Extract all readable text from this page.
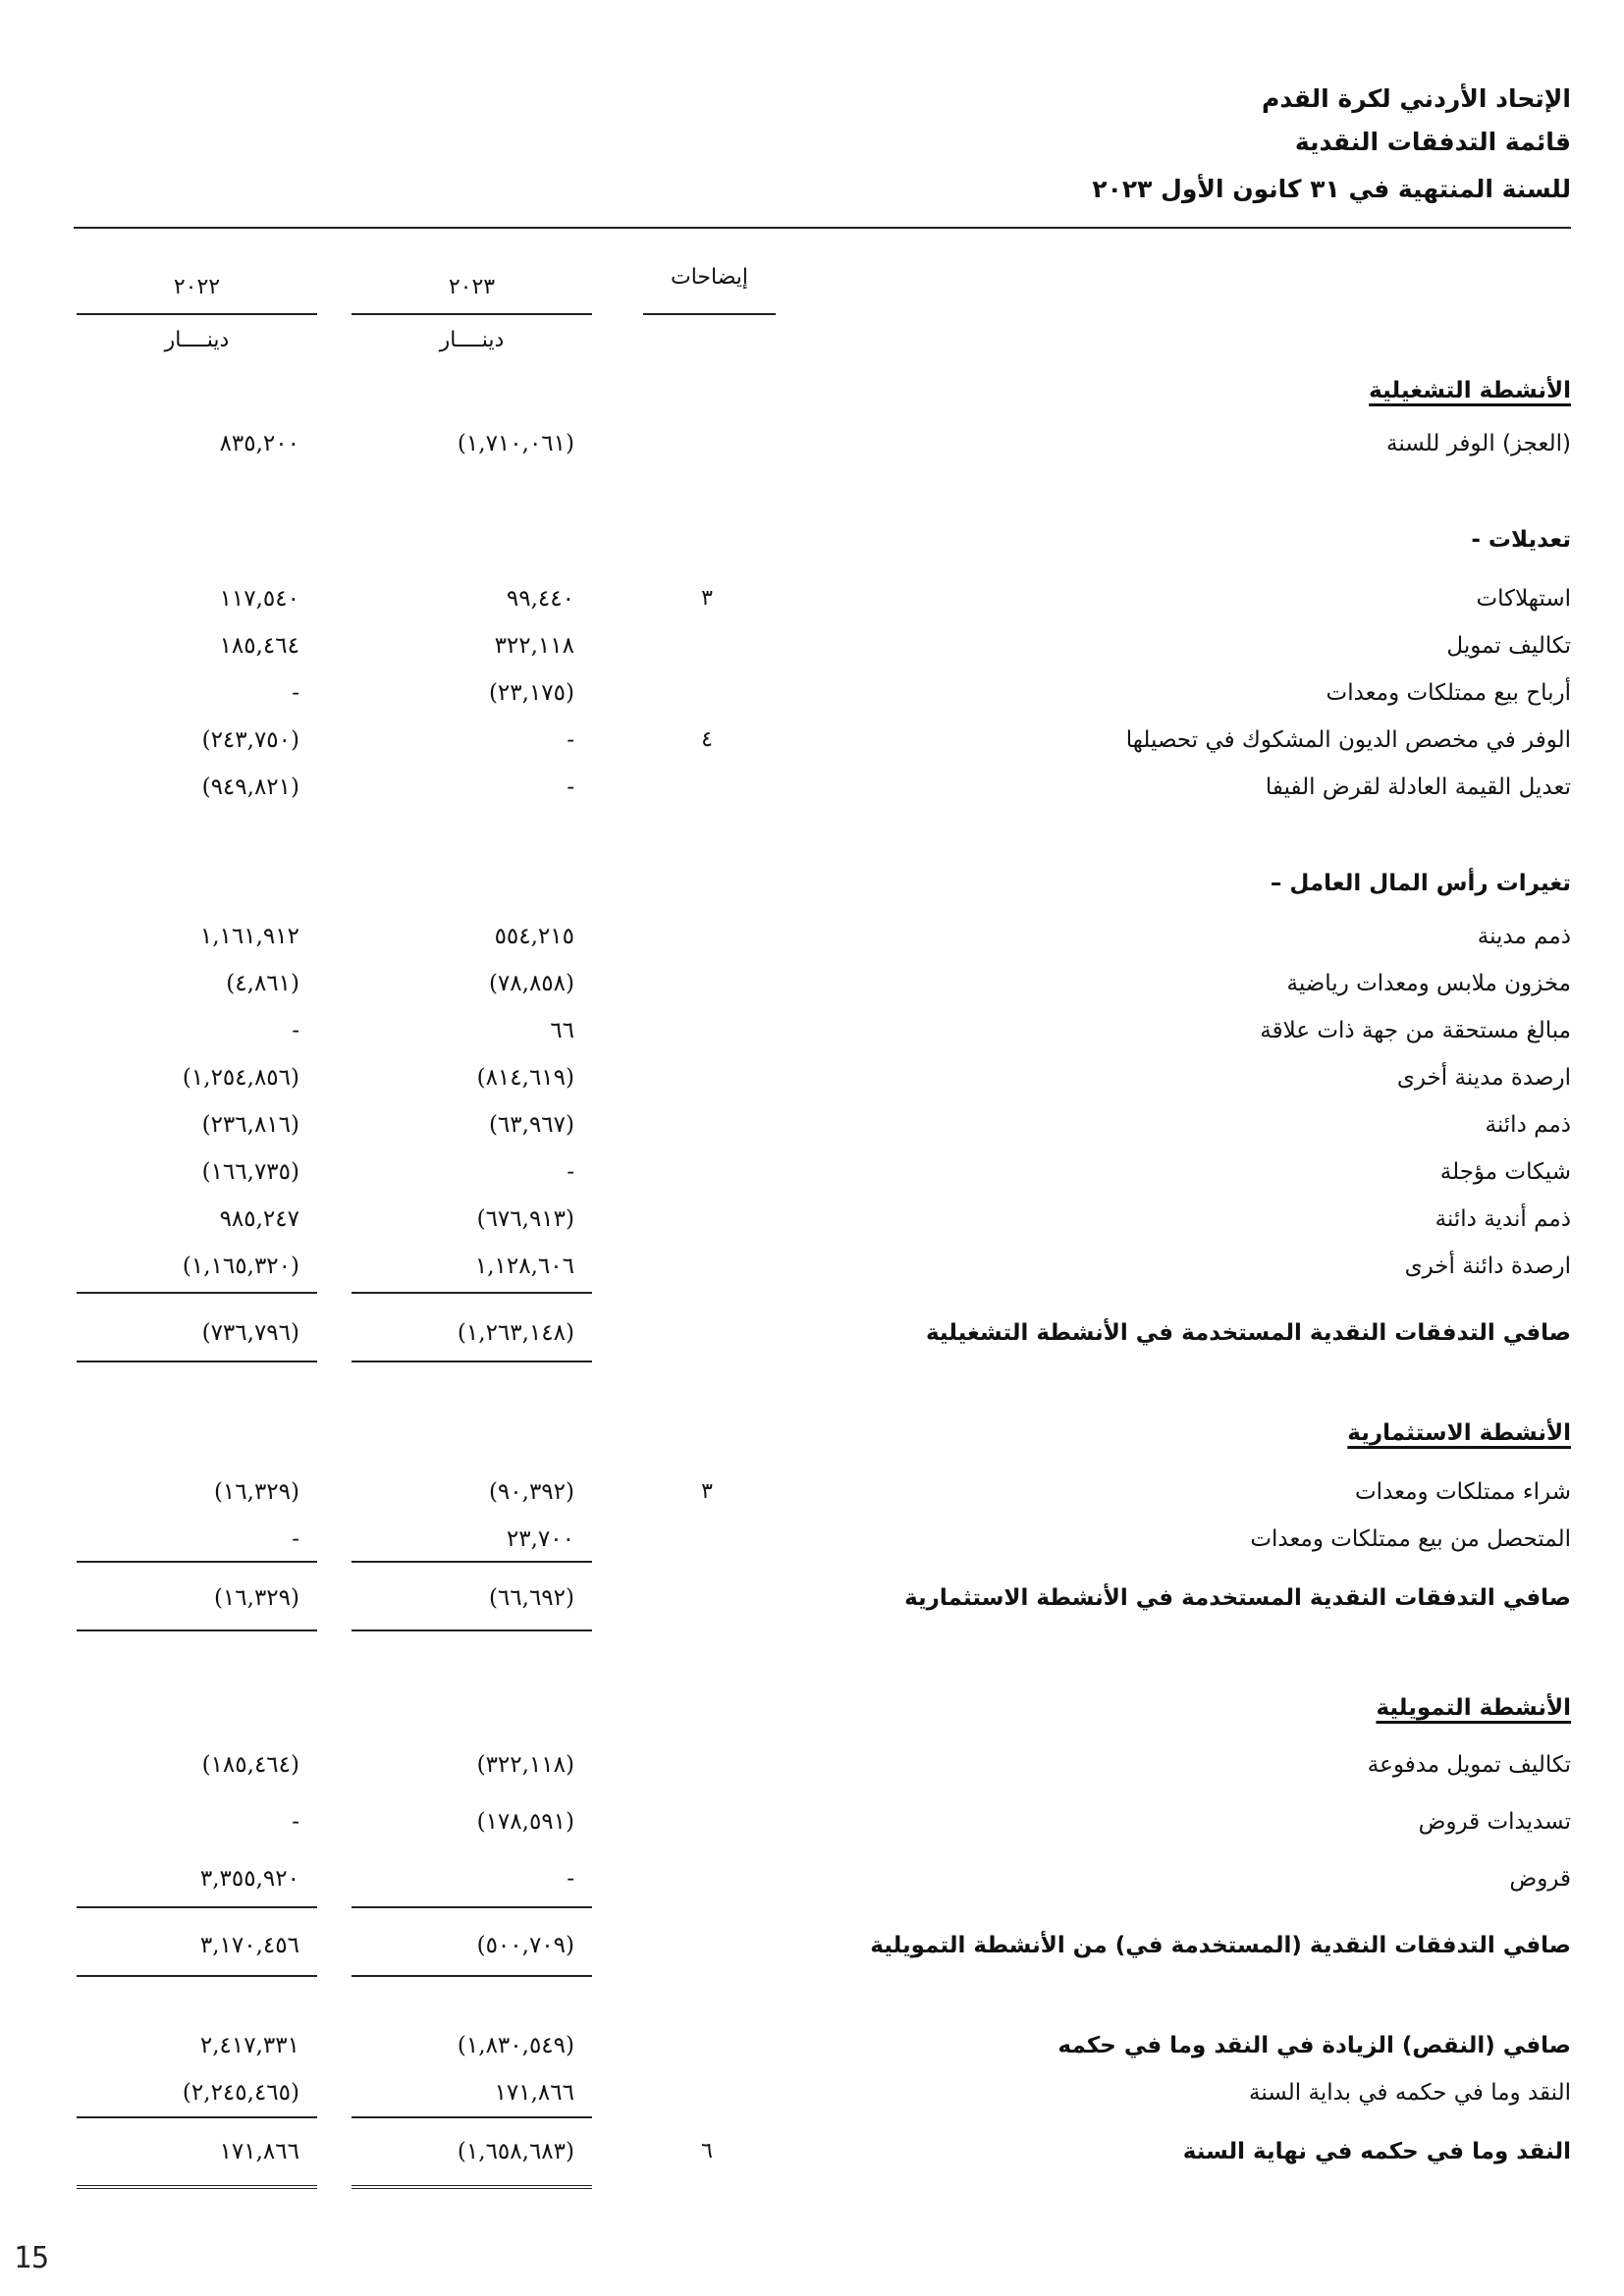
الإتحاد الأردني لكرة القدم
قائمة التدفقات النقدية
للسنة المنتهية في ٣١ كانون الأول ٢٠٢٣
إيضاحات
٢٠٢٣
٢٠٢٢
دينــــار
دينــــار
الأنشطة التشغيلية
(العجز) الوفر للسنة
(١,٧١٠,٠٦١)
٨٣٥,٢٠٠
تعديلات -
استهلاكات
٣
٩٩,٤٤٠
١١٧,٥٤٠
تكاليف تمويل
٣٢٢,١١٨
١٨٥,٤٦٤
أرباح بيع ممتلكات ومعدات
(٢٣,١٧٥)
-
الوفر في مخصص الديون المشكوك في تحصيلها
٤
-
(٢٤٣,٧٥٠)
تعديل القيمة العادلة لقرض الفيفا
-
(٩٤٩,٨٢١)
تغيرات رأس المال العامل –
ذمم مدينة
٥٥٤,٢١٥
١,١٦١,٩١٢
مخزون ملابس ومعدات رياضية
(٧٨,٨٥٨)
(٤,٨٦١)
مبالغ مستحقة من جهة ذات علاقة
٦٦
-
ارصدة مدينة أخرى
(٨١٤,٦١٩)
(١,٢٥٤,٨٥٦)
ذمم دائنة
(٦٣,٩٦٧)
(٢٣٦,٨١٦)
شيكات مؤجلة
-
(١٦٦,٧٣٥)
ذمم أندية دائنة
(٦٧٦,٩١٣)
٩٨٥,٢٤٧
ارصدة دائنة أخرى
١,١٢٨,٦٠٦
(١,١٦٥,٣٢٠)
صافي التدفقات النقدية المستخدمة في الأنشطة التشغيلية
(١,٢٦٣,١٤٨)
(٧٣٦,٧٩٦)
الأنشطة الاستثمارية
شراء ممتلكات ومعدات
٣
(٩٠,٣٩٢)
(١٦,٣٢٩)
المتحصل من بيع ممتلكات ومعدات
٢٣,٧٠٠
-
صافي التدفقات النقدية المستخدمة في الأنشطة الاستثمارية
(٦٦,٦٩٢)
(١٦,٣٢٩)
الأنشطة التمويلية
تكاليف تمويل مدفوعة
(٣٢٢,١١٨)
(١٨٥,٤٦٤)
تسديدات قروض
(١٧٨,٥٩١)
-
قروض
-
٣,٣٥٥,٩٢٠
صافي التدفقات النقدية (المستخدمة في) من الأنشطة التمويلية
(٥٠٠,٧٠٩)
٣,١٧٠,٤٥٦
صافي (النقص) الزيادة في النقد وما في حكمه
(١,٨٣٠,٥٤٩)
٢,٤١٧,٣٣١
النقد وما في حكمه في بداية السنة
١٧١,٨٦٦
(٢,٢٤٥,٤٦٥)
النقد وما في حكمه في نهاية السنة
٦
(١,٦٥٨,٦٨٣)
١٧١,٨٦٦
15
